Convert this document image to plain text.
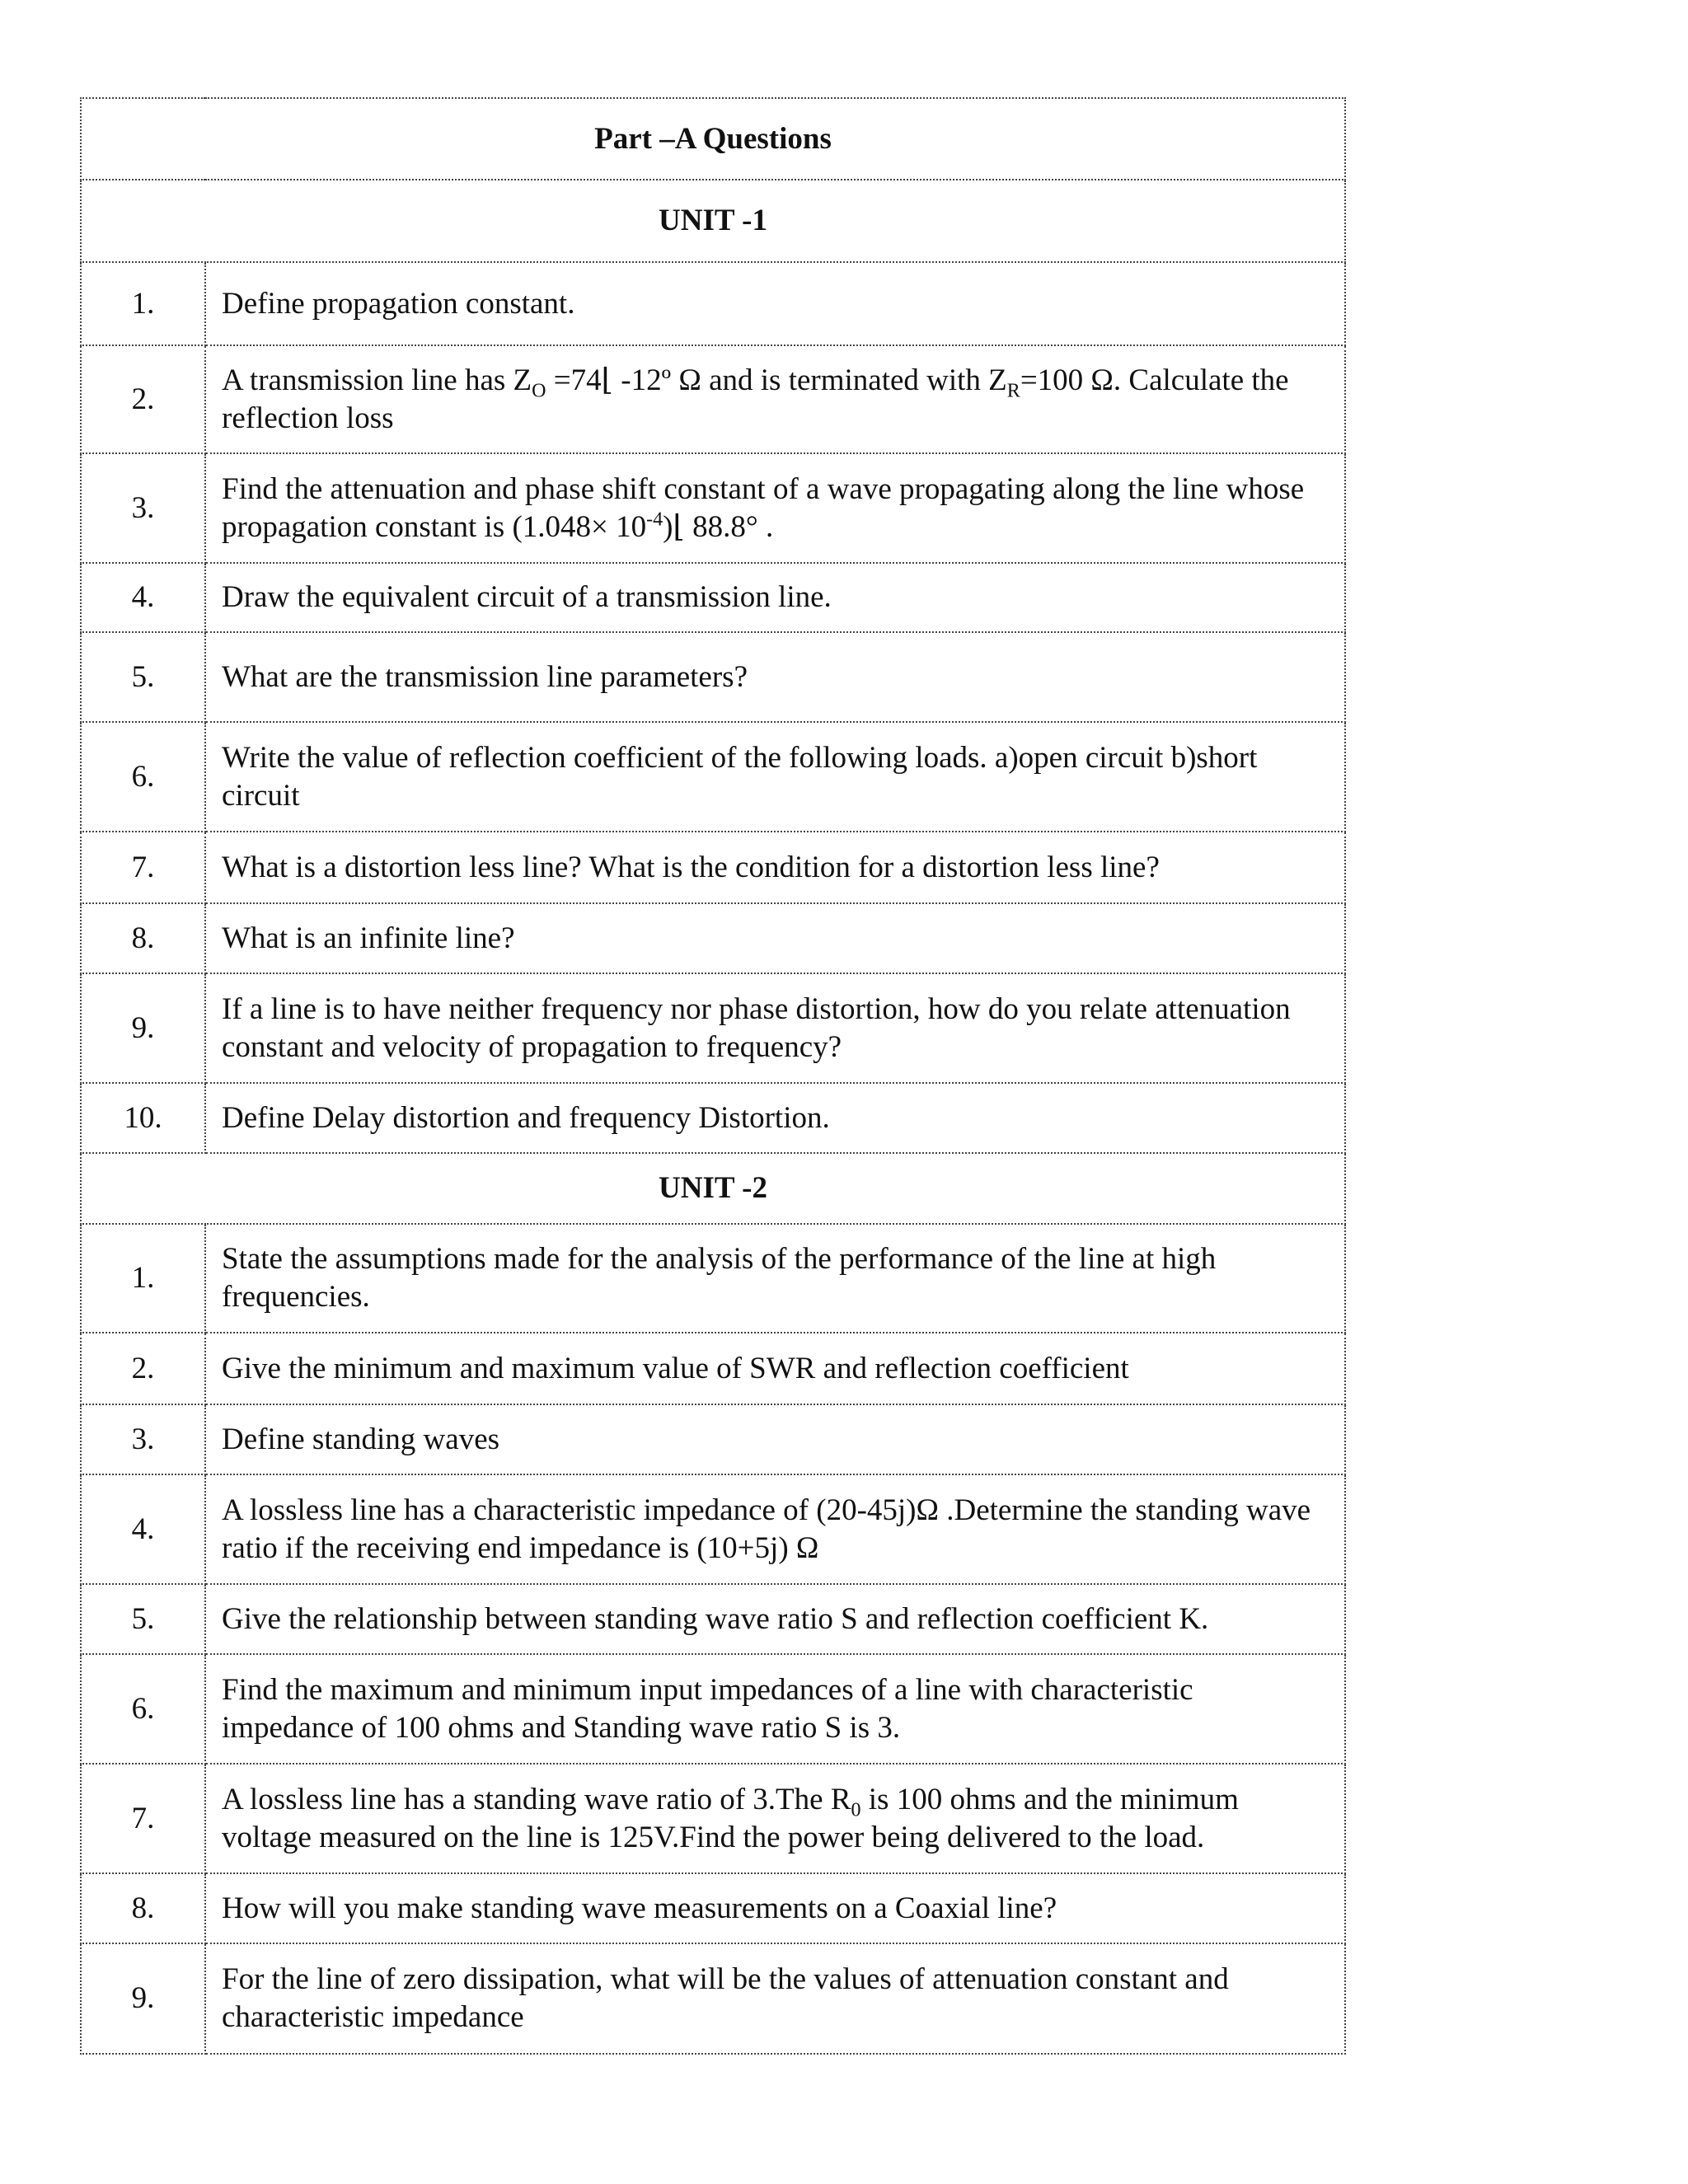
Part –A Questions	
UNIT -1	
1.	Define propagation constant.
2.	A transmission line has $Z_O$ =74⌊ -12º Ω and is terminated with $Z_R=100$ Ω. Calculate the reflection loss
3.	Find the attenuation and phase shift constant of a wave propagating along the line whose propagation constant is $(1.048\times 10^{-4})⌊$ 88.8° .
4.	Draw the equivalent circuit of a transmission line.
5.	What are the transmission line parameters?
6.	Write the value of reflection coefficient of the following loads. a)open circuit b)short circuit
7.	What is a distortion less line? What is the condition for a distortion less line?
8.	What is an infinite line?
9.	If a line is to have neither frequency nor phase distortion, how do you relate attenuation constant and velocity of propagation to frequency?
10.	Define Delay distortion and frequency Distortion.
UNIT -2	
1.	State the assumptions made for the analysis of the performance of the line at high frequencies.
2.	Give the minimum and maximum value of SWR and reflection coefficient
3.	Define standing waves
4.	A lossless line has a characteristic impedance of (20-45j)Ω .Determine the standing wave ratio if the receiving end impedance is (10+5j) Ω
5.	Give the relationship between standing wave ratio S and reflection coefficient K.
6.	Find the maximum and minimum input impedances of a line with characteristic impedance of 100 ohms and Standing wave ratio S is 3.
7.	A lossless line has a standing wave ratio of 3.The $R_0$ is 100 ohms and the minimum voltage measured on the line is 125V.Find the power being delivered to the load.
8.	How will you make standing wave measurements on a Coaxial line?
9.	For the line of zero dissipation, what will be the values of attenuation constant and characteristic impedance
